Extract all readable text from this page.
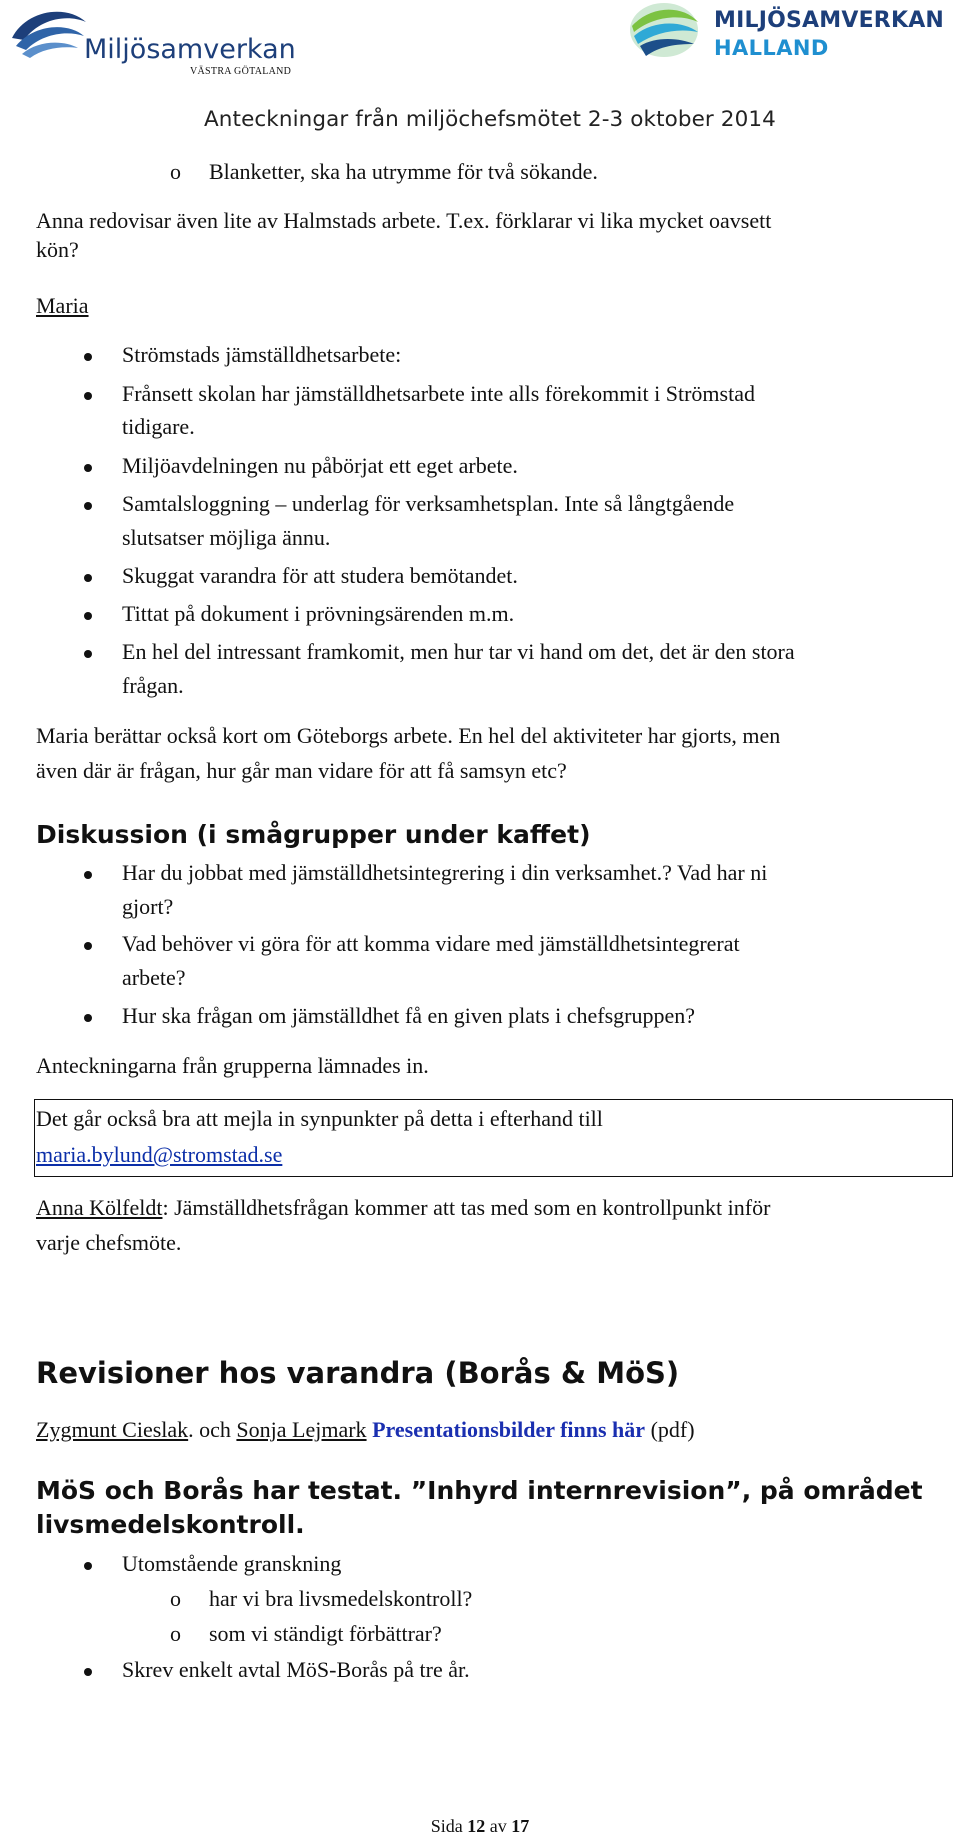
Miljösamverkan
VÄSTRA GÖTALAND
MILJÖSAMVERKAN
HALLAND
Anteckningar från miljöchefsmötet 2-3 oktober 2014
o Blanketter, ska ha utrymme för två sökande.
Anna redovisar även lite av Halmstads arbete. T.ex. förklarar vi lika mycket oavsett
kön?
Maria
Strömstads jämställdhetsarbete:
Frånsett skolan har jämställdhetsarbete inte alls förekommit i Strömstad
tidigare.
Miljöavdelningen nu påbörjat ett eget arbete.
Samtalsloggning – underlag för verksamhetsplan. Inte så långtgående
slutsatser möjliga ännu.
Skuggat varandra för att studera bemötandet.
Tittat på dokument i prövningsärenden m.m.
En hel del intressant framkomit, men hur tar vi hand om det, det är den stora
frågan.
Maria berättar också kort om Göteborgs arbete. En hel del aktiviteter har gjorts, men
även där är frågan, hur går man vidare för att få samsyn etc?
Diskussion (i smågrupper under kaffet)
Har du jobbat med jämställdhetsintegrering i din verksamhet.? Vad har ni
gjort?
Vad behöver vi göra för att komma vidare med jämställdhetsintegrerat
arbete?
Hur ska frågan om jämställdhet få en given plats i chefsgruppen?
Anteckningarna från grupperna lämnades in.
Det går också bra att mejla in synpunkter på detta i efterhand till
maria.bylund@stromstad.se
Anna Kölfeldt: Jämställdhetsfrågan kommer att tas med som en kontrollpunkt inför
varje chefsmöte.
Revisioner hos varandra (Borås & MöS)
Zygmunt Cieslak. och Sonja Lejmark Presentationsbilder finns här (pdf)
MöS och Borås har testat. ”Inhyrd internrevision”, på området
livsmedelskontroll.
Utomstående granskning
o har vi bra livsmedelskontroll?
o som vi ständigt förbättrar?
Skrev enkelt avtal MöS-Borås på tre år.
Sida 12 av 17
